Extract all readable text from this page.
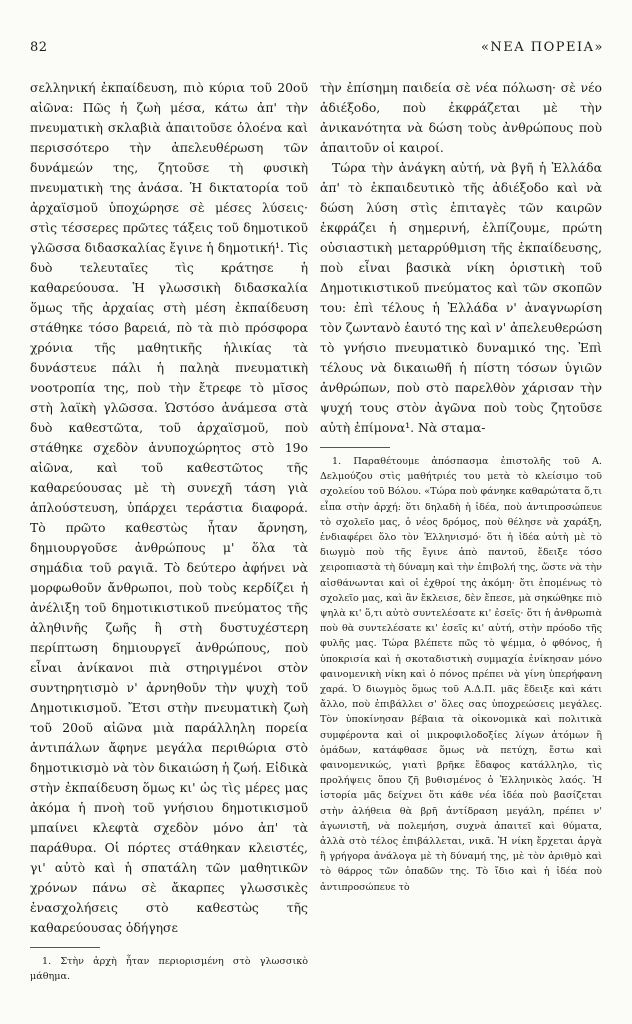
82	«ΝΕΑ ΠΟΡΕΙΑ»

σελληνική ἐκπαίδευση, πιὸ κύρια τοῦ 20οῦ αἰῶνα: Πῶς ἡ ζωὴ μέσα, κάτω ἀπ' τὴν πνευματικὴ σκλαβιὰ ἀπαιτοῦσε ὁλοένα καὶ περισσότερο τὴν ἀπελευθέρωση τῶν δυνάμεών της, ζητοῦσε τὴ φυσικὴ πνευματικὴ της ἀνάσα. Ἡ δικτατορία τοῦ ἀρχαϊσμοῦ ὑποχώρησε σὲ μέσες λύσεις· στὶς τέσσερες πρῶτες τάξεις τοῦ δημοτικοῦ γλῶσσα διδασκαλίας ἔγινε ἡ δημοτική¹. Τὶς δυὸ τελευταῖες τὶς κράτησε ἡ καθαρεύουσα. Ἡ γλωσσικὴ διδασκαλία ὅμως τῆς ἀρχαίας στὴ μέση ἐκπαίδευση στάθηκε τόσο βαρειά, πὸ τὰ πιὸ πρόσφορα χρόνια τῆς μαθητικῆς ἡλικίας τὰ δυνάστευε πάλι ἡ παληὰ πνευματικὴ νοοτροπία της, ποὺ τὴν ἔτρεφε τὸ μῖσος στὴ λαϊκὴ γλῶσσα. Ὡστόσο ἀνάμεσα στὰ δυὸ καθεστῶτα, τοῦ ἀρχαϊσμοῦ, ποὺ στάθηκε σχεδὸν ἀνυποχώρητος στὸ 19ο αἰῶνα, καὶ τοῦ καθεστῶτος τῆς καθαρεύουσας μὲ τὴ συνεχῆ τάση γιὰ ἁπλούστευση, ὑπάρχει τεράστια διαφορά. Τὸ πρῶτο καθεστὼς ἦταν ἄρνηση, δημιουργοῦσε ἀνθρώπους μ' ὅλα τὰ σημάδια τοῦ ραγιᾶ. Τὸ δεύτερο ἀφήνει νὰ μορφωθοῦν ἄνθρωποι, ποὺ τοὺς κερδίζει ἡ ἀνέλιξη τοῦ δημοτικιστικοῦ πνεύματος τῆς ἀληθινῆς ζωῆς ἢ στὴ δυστυχέστερη περίπτωση δημιουργεῖ ἀνθρώπους, ποὺ εἶναι ἀνίκανοι πιὰ στηριγμένοι στὸν συντηρητισμὸ ν' ἀρνηθοῦν τὴν ψυχὴ τοῦ Δημοτικισμοῦ. Ἔτσι στὴν πνευματικὴ ζωὴ τοῦ 20οῦ αἰῶνα μιὰ παράλληλη πορεία ἀντιπάλων ἄφηνε μεγάλα περιθώρια στὸ δημοτικισμὸ νὰ τὸν δικαιώση ἡ ζωή. Εἰδικὰ στὴν ἐκπαίδευση ὅμως κι' ὡς τὶς μέρες μας ἀκόμα ἡ πνοὴ τοῦ γνήσιου δημοτικισμοῦ μπαίνει κλεφτὰ σχεδὸν μόνο ἀπ' τὰ παράθυρα. Οἱ πόρτες στάθηκαν κλειστές, γι' αὐτὸ καὶ ἡ σπατάλη τῶν μαθητικῶν χρόνων πάνω σὲ ἄκαρπες γλωσσικὲς ἐνασχολήσεις στὸ καθεστὼς τῆς καθαρεύουσας ὁδήγησε

1. Στὴν ἀρχὴ ἦταν περιορισμένη στὸ γλωσσικὸ μάθημα.

τὴν ἐπίσημη παιδεία σὲ νέα πόλωση· σὲ νέο ἀδιέξοδο, ποὺ ἐκφράζεται μὲ τὴν ἀνικανότητα νὰ δώση τοὺς ἀνθρώπους ποὺ ἀπαιτοῦν οἱ καιροί.

Τώρα τὴν ἀνάγκη αὐτή, νὰ βγῆ ἡ Ἑλλάδα ἀπ' τὸ ἐκπαιδευτικὸ τῆς ἀδιέξοδο καὶ νὰ δώση λύση στὶς ἐπιταγὲς τῶν καιρῶν ἐκφράζει ἡ σημερινή, ἐλπίζουμε, πρώτη οὐσιαστικὴ μεταρρύθμιση τῆς ἐκπαίδευσης, ποὺ εἶναι βασικὰ νίκη ὁριστικὴ τοῦ Δημοτικιστικοῦ πνεύματος καὶ τῶν σκοπῶν του: ἐπὶ τέλους ἡ Ἑλλάδα ν' ἀναγνωρίση τὸν ζωντανὸ ἑαυτό της καὶ ν' ἀπελευθερώση τὸ γνήσιο πνευματικὸ δυναμικό της. Ἐπὶ τέλους νὰ δικαιωθῆ ἡ πίστη τόσων ὑγιῶν ἀνθρώπων, ποὺ στὸ παρελθὸν χάρισαν τὴν ψυχή τους στὸν ἀγῶνα ποὺ τοὺς ζητοῦσε αὐτὴ ἐπίμονα¹. Νὰ σταμα-

1. Παραθέτουμε ἀπόσπασμα ἐπιστολῆς τοῦ Α. Δελμούζου στὶς μαθήτριές του μετὰ τὸ κλείσιμο τοῦ σχολείου τοῦ Βόλου. «Τώρα ποὺ φάνηκε καθαρώτατα ὅ,τι εἶπα στὴν ἀρχή: ὅτι δηλαδὴ ἡ ἰδέα, ποὺ ἀντιπροσώπευε τὸ σχολεῖο μας, ὁ νέος δρόμος, ποὺ θέλησε νὰ χαράξη, ἐνδιαφέρει ὅλο τὸν Ἑλληνισμό· ὅτι ἡ ἰδέα αὐτὴ μὲ τὸ διωγμὸ ποὺ τῆς ἔγινε ἀπὸ παντοῦ, ἔδειξε τόσο χειροπιαστὰ τὴ δύναμη καὶ τὴν ἐπιβολή της, ὥστε νὰ τὴν αἰσθάνωνται καὶ οἱ ἐχθροί της ἀκόμη· ὅτι ἐπομένως τὸ σχολεῖο μας, καὶ ἂν ἔκλεισε, δὲν ἔπεσε, μὰ σηκώθηκε πιὸ ψηλὰ κι' ὅ,τι αὐτὸ συντελέσατε κι' ἐσεῖς· ὅτι ἡ ἀνθρωπιὰ ποὺ θὰ συντελέσατε κι' ἐσεῖς κι' αὐτή, στὴν πρόοδο τῆς φυλῆς μας. Τώρα βλέπετε πῶς τὸ ψέμμα, ὁ φθόνος, ἡ ὑποκρισία καὶ ἡ σκοταδιστικὴ συμμαχία ἐνίκησαν μόνο φαινομενικὴ νίκη καὶ ὁ πόνος πρέπει νὰ γίνη ὑπερήφανη χαρά. Ὁ διωγμὸς ὅμως τοῦ Α.Δ.Π. μᾶς ἔδειξε καὶ κάτι ἄλλο, ποὺ ἐπιβάλλει σ' ὅλες σας ὑποχρεώσεις μεγάλες. Τὸν ὑποκίνησαν βέβαια τὰ οἰκονομικὰ καὶ πολιτικὰ συμφέροντα καὶ οἱ μικροφιλοδοξίες λίγων ἀτόμων ἢ ὁμάδων, κατάφθασε ὅμως νὰ πετύχη, ἔστω καὶ φαινομενικώς, γιατὶ βρῆκε ἔδαφος κατάλληλο, τὶς προλήψεις ὅπου ζῆ βυθισμένος ὁ Ἑλληνικὸς λαός. Ἡ ἱστορία μᾶς δείχνει ὅτι κάθε νέα ἰδέα ποὺ βασίζεται στὴν ἀλήθεια θὰ βρῆ ἀντίδραση μεγάλη, πρέπει ν' ἀγωνιστῆ, νὰ πολεμήση, συχνὰ ἀπαιτεῖ καὶ θύματα, ἀλλὰ στὸ τέλος ἐπιβάλλεται, νικᾶ. Ἡ νίκη ἔρχεται ἀργὰ ἢ γρήγορα ἀνάλογα μὲ τὴ δύναμή της, μὲ τὸν ἀριθμὸ καὶ τὸ θάρρος τῶν ὀπαδῶν της. Τὸ ἴδιο καὶ ἡ ἰδέα ποὺ ἀντιπροσώπευε τὸ
